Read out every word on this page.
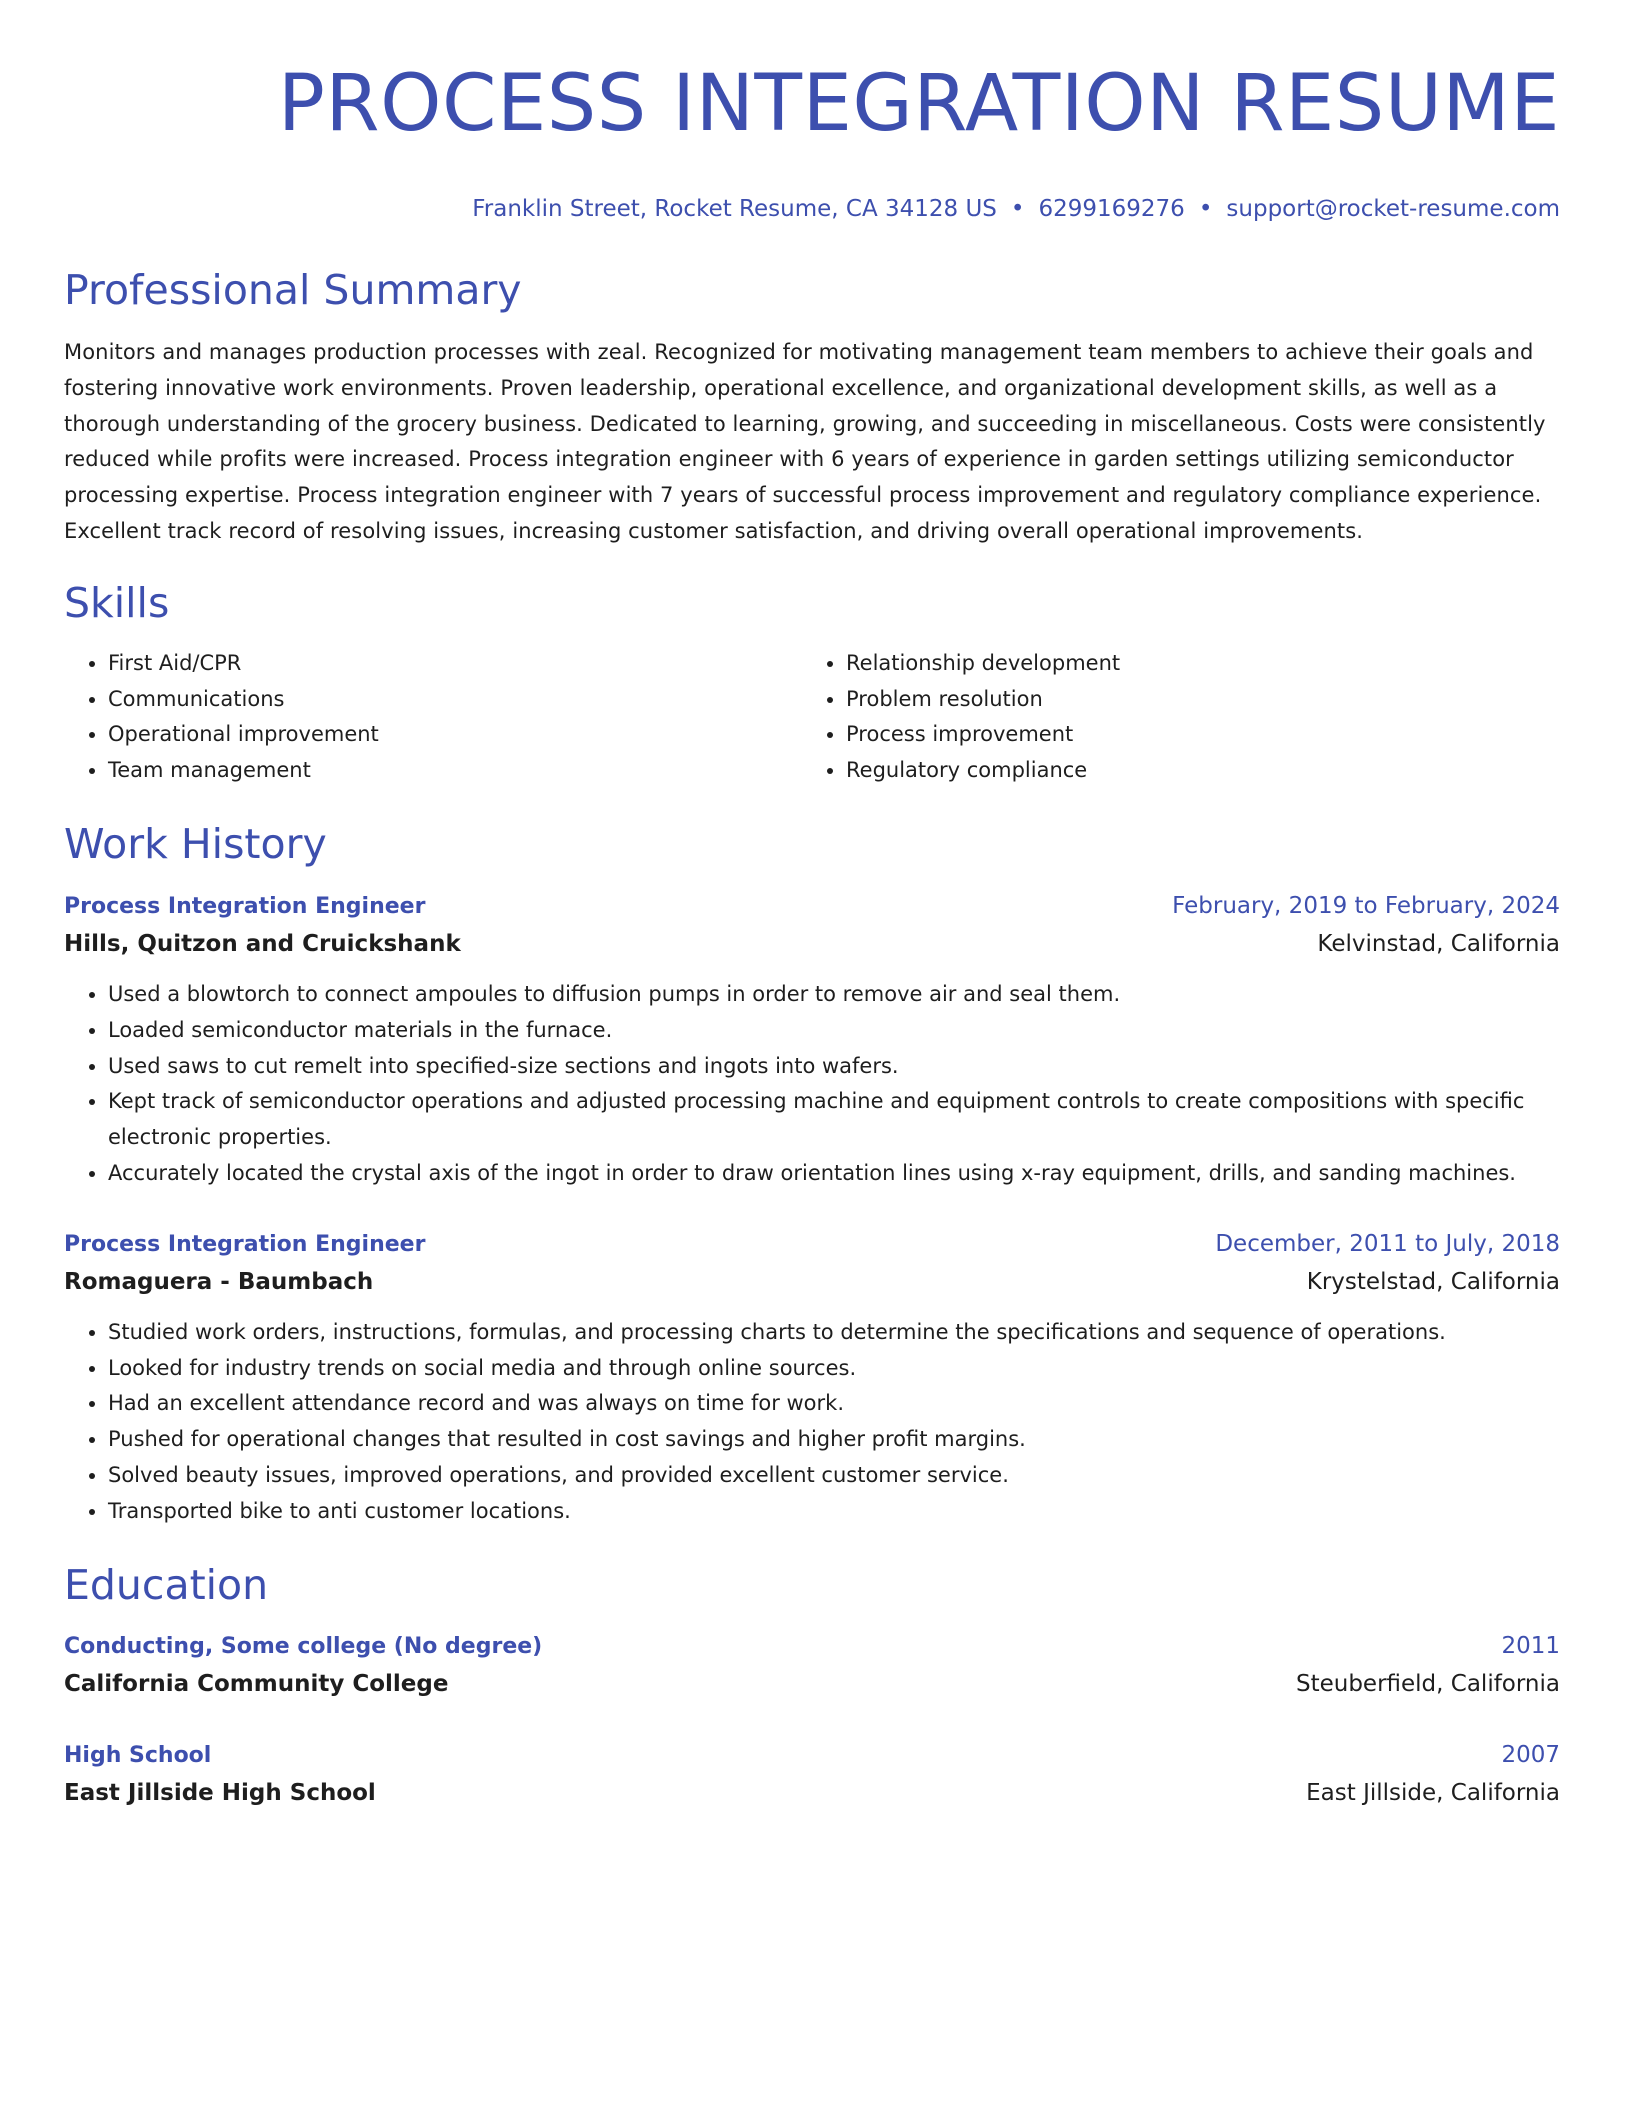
PROCESS INTEGRATION RESUME
Franklin Street, Rocket Resume, CA 34128 US • 6299169276 • support@rocket-resume.com
Professional Summary
Monitors and manages production processes with zeal. Recognized for motivating management team members to achieve their goals and fostering innovative work environments. Proven leadership, operational excellence, and organizational development skills, as well as a thorough understanding of the grocery business. Dedicated to learning, growing, and succeeding in miscellaneous. Costs were consistently reduced while profits were increased. Process integration engineer with 6 years of experience in garden settings utilizing semiconductor processing expertise. Process integration engineer with 7 years of successful process improvement and regulatory compliance experience. Excellent track record of resolving issues, increasing customer satisfaction, and driving overall operational improvements.
Skills
• First Aid/CPR
• Communications
• Operational improvement
• Team management
• Relationship development
• Problem resolution
• Process improvement
• Regulatory compliance
Work History
Process Integration Engineer	February, 2019 to February, 2024
Hills, Quitzon and Cruickshank	Kelvinstad, California
• Used a blowtorch to connect ampoules to diffusion pumps in order to remove air and seal them.
• Loaded semiconductor materials in the furnace.
• Used saws to cut remelt into specified-size sections and ingots into wafers.
• Kept track of semiconductor operations and adjusted processing machine and equipment controls to create compositions with specific electronic properties.
• Accurately located the crystal axis of the ingot in order to draw orientation lines using x-ray equipment, drills, and sanding machines.
Process Integration Engineer	December, 2011 to July, 2018
Romaguera - Baumbach	Krystelstad, California
• Studied work orders, instructions, formulas, and processing charts to determine the specifications and sequence of operations.
• Looked for industry trends on social media and through online sources.
• Had an excellent attendance record and was always on time for work.
• Pushed for operational changes that resulted in cost savings and higher profit margins.
• Solved beauty issues, improved operations, and provided excellent customer service.
• Transported bike to anti customer locations.
Education
Conducting, Some college (No degree)	2011
California Community College	Steuberfield, California
High School	2007
East Jillside High School	East Jillside, California
